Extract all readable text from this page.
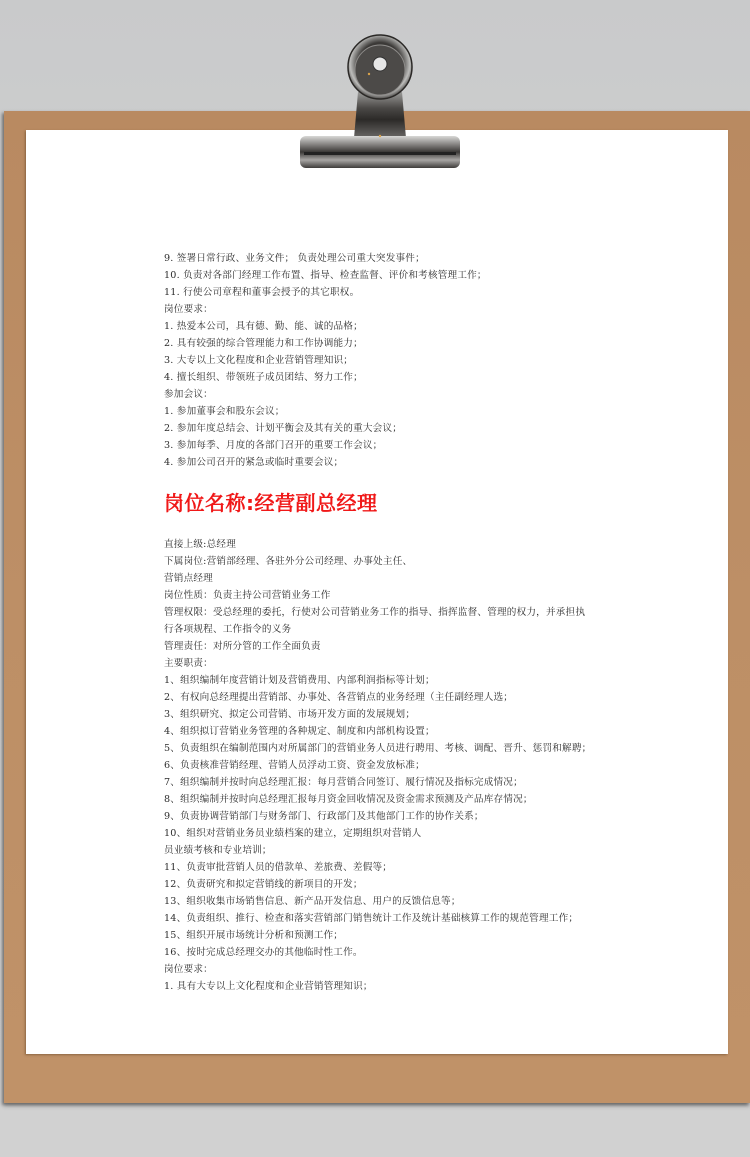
9. 签署日常行政、业务文件； 负责处理公司重大突发事件；
10. 负责对各部门经理工作布置、指导、检查监督、评价和考核管理工作；
11. 行使公司章程和董事会授予的其它职权。
岗位要求：
1. 热爱本公司，具有德、勤、能、诚的品格；
2. 具有较强的综合管理能力和工作协调能力；
3. 大专以上文化程度和企业营销管理知识；
4. 擅长组织、带领班子成员团结、努力工作；
参加会议：
1. 参加董事会和股东会议；
2. 参加年度总结会、计划平衡会及其有关的重大会议；
3. 参加每季、月度的各部门召开的重要工作会议；
4. 参加公司召开的紧急或临时重要会议；
岗位名称:经营副总经理
直接上级:总经理
下属岗位:营销部经理、各驻外分公司经理、办事处主任、
营销点经理
岗位性质：负责主持公司营销业务工作
管理权限：受总经理的委托，行使对公司营销业务工作的指导、指挥监督、管理的权力，并承担执
行各项规程、工作指令的义务
管理责任：对所分管的工作全面负责
主要职责：
1、组织编制年度营销计划及营销费用、内部利润指标等计划；
2、有权向总经理提出营销部、办事处、各营销点的业务经理（主任副经理人选；
3、组织研究、拟定公司营销、市场开发方面的发展规划；
4、组织拟订营销业务管理的各种规定、制度和内部机构设置；
5、负责组织在编制范围内对所属部门的营销业务人员进行聘用、考核、调配、晋升、惩罚和解聘；
6、负责核准营销经理、营销人员浮动工资、资金发放标准；
7、组织编制并按时向总经理汇报：每月营销合同签订、履行情况及指标完成情况；
8、组织编制并按时向总经理汇报每月资金回收情况及资金需求预测及产品库存情况；
9、负责协调营销部门与财务部门、行政部门及其他部门工作的协作关系；
10、组织对营销业务员业绩档案的建立，定期组织对营销人
员业绩考核和专业培训；
11、负责审批营销人员的借款单、差旅费、差假等；
12、负责研究和拟定营销线的新项目的开发；
13、组织收集市场销售信息、新产品开发信息、用户的反馈信息等；
14、负责组织、推行、检查和落实营销部门销售统计工作及统计基础核算工作的规范管理工作；
15、组织开展市场统计分析和预测工作；
16、按时完成总经理交办的其他临时性工作。
岗位要求：
1. 具有大专以上文化程度和企业营销管理知识；
